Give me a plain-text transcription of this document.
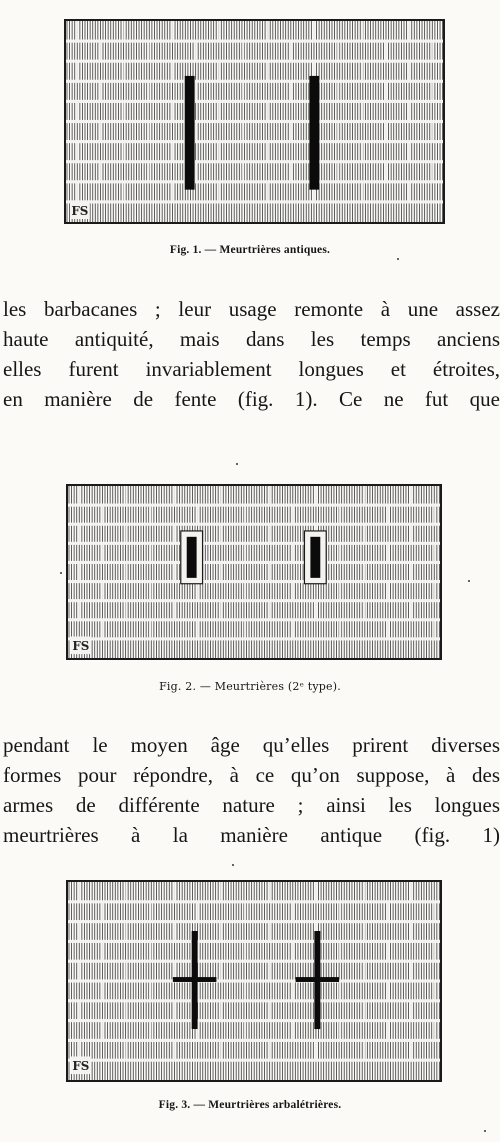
FS
Fig. 1. — Meurtrières antiques.
les barbacanes ; leur usage remonte à une assez
haute antiquité, mais dans les temps anciens
elles furent invariablement longues et étroites,
en manière de fente (fig. 1). Ce ne fut que
FS
Fig. 2. — Meurtrières (2ᵉ type).
pendant le moyen âge qu’elles prirent diverses
formes pour répondre, à ce qu’on suppose, à des
armes de différente nature ; ainsi les longues
meurtrières à la manière antique (fig. 1)
FS
Fig. 3. — Meurtrières arbalétrières.
